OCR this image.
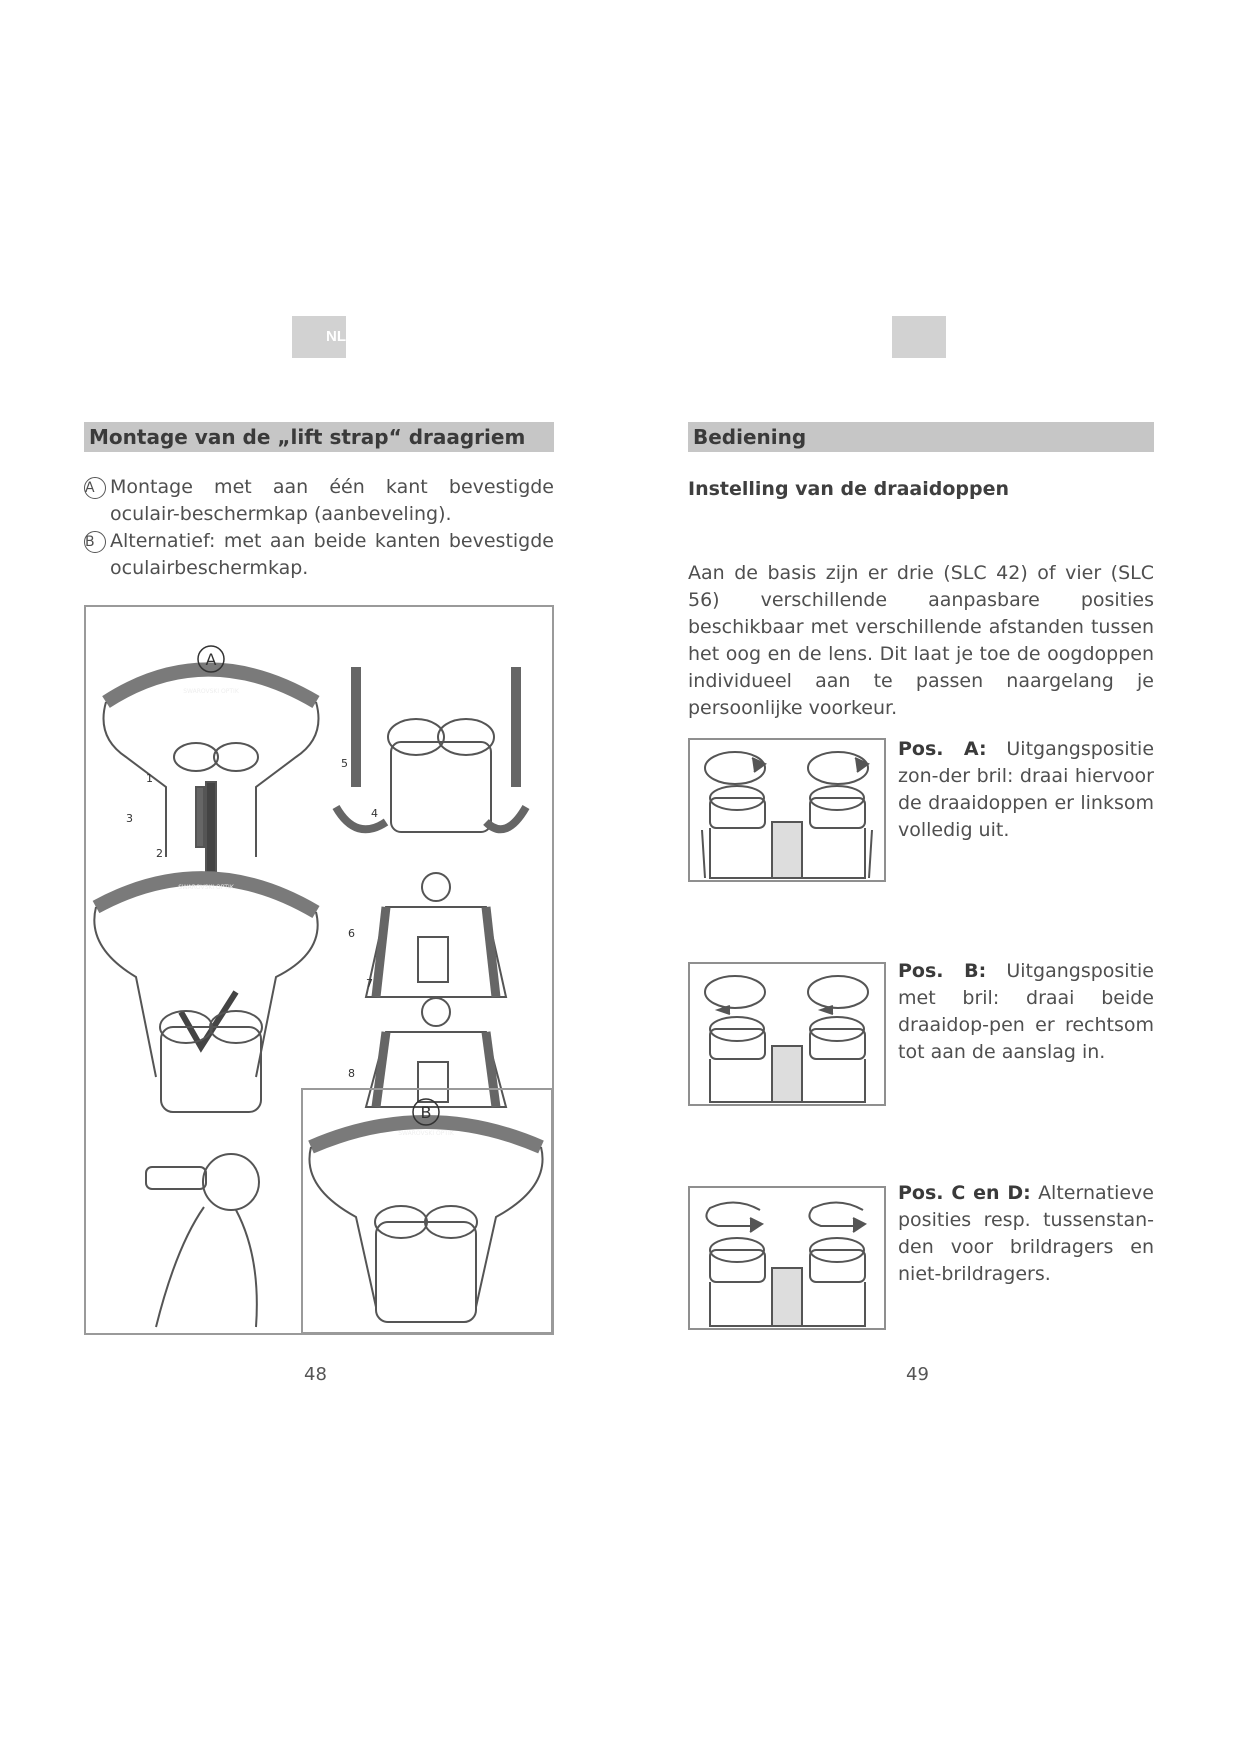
NL
Montage van de „lift strap“ draagriem
A Montage met aan één kant bevestigde oculair-beschermkap (aanbeveling).
B Alternatief: met aan beide kanten bevestigde oculairbeschermkap.
A
B
SWAROVSKI OPTIK
SWAROVSKI OPTIK
SWAROVSKI OPTIK
1
2
3	4
5
6
7
8
48
Bediening
Instelling van de draaidoppen
Aan de basis zijn er drie (SLC 42) of vier (SLC 56) verschillende aanpasbare posities beschikbaar met verschillende afstanden tussen het oog en de lens. Dit laat je toe de oogdoppen individueel aan te passen naargelang je persoonlijke voorkeur.
Pos. A: Uitgangspositie zon-der bril: draai hiervoor de draaidoppen er linksom volledig uit.
Pos. B: Uitgangspositie met bril: draai beide draaidop-pen er rechtsom tot aan de aanslag in.
Pos. C en D: Alternatieve posities resp. tussenstan-den voor brildragers en niet-brildragers.
49
